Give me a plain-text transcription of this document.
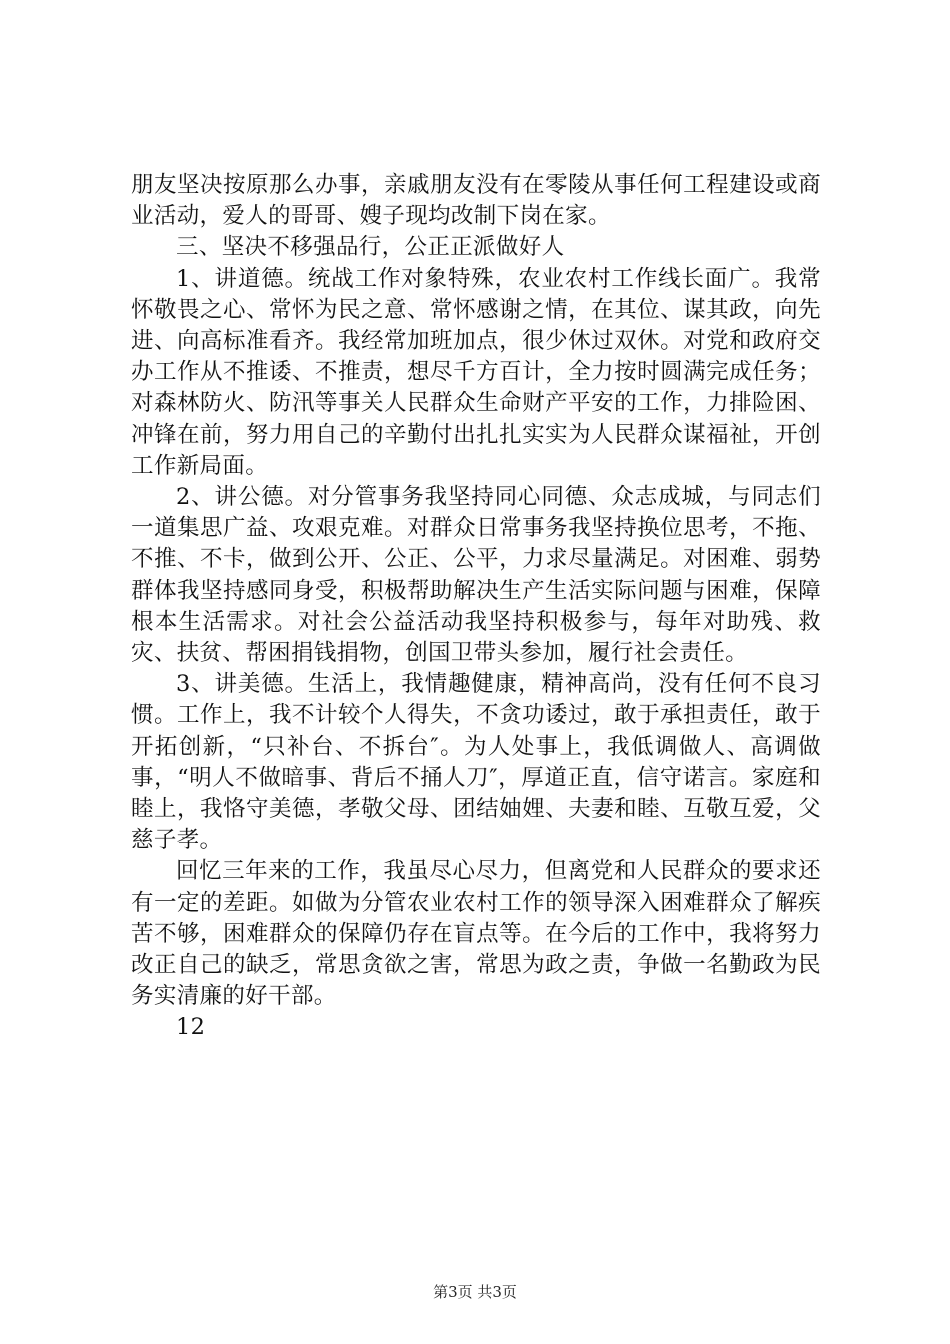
朋友坚决按原那么办事，亲戚朋友没有在零陵从事任何工程建设或商业活动，爱人的哥哥、嫂子现均改制下岗在家。

三、坚决不移强品行，公正正派做好人

1、讲道德。统战工作对象特殊，农业农村工作线长面广。我常怀敬畏之心、常怀为民之意、常怀感谢之情，在其位、谋其政，向先进、向高标准看齐。我经常加班加点，很少休过双休。对党和政府交办工作从不推诿、不推责，想尽千方百计，全力按时圆满完成任务；对森林防火、防汛等事关人民群众生命财产平安的工作，力排险困、冲锋在前，努力用自己的辛勤付出扎扎实实为人民群众谋福祉，开创工作新局面。

2、讲公德。对分管事务我坚持同心同德、众志成城，与同志们一道集思广益、攻艰克难。对群众日常事务我坚持换位思考，不拖、不推、不卡，做到公开、公正、公平，力求尽量满足。对困难、弱势群体我坚持感同身受，积极帮助解决生产生活实际问题与困难，保障根本生活需求。对社会公益活动我坚持积极参与，每年对助残、救灾、扶贫、帮困捐钱捐物，创国卫带头参加，履行社会责任。

3、讲美德。生活上，我情趣健康，精神高尚，没有任何不良习惯。工作上，我不计较个人得失，不贪功诿过，敢于承担责任，敢于开拓创新，“只补台、不拆台″。为人处事上，我低调做人、高调做事，“明人不做暗事、背后不捅人刀″，厚道正直，信守诺言。家庭和睦上，我恪守美德，孝敬父母、团结妯娌、夫妻和睦、互敬互爱，父慈子孝。

回忆三年来的工作，我虽尽心尽力，但离党和人民群众的要求还有一定的差距。如做为分管农业农村工作的领导深入困难群众了解疾苦不够，困难群众的保障仍存在盲点等。在今后的工作中，我将努力改正自己的缺乏，常思贪欲之害，常思为政之责，争做一名勤政为民务实清廉的好干部。

12

第3页 共3页
